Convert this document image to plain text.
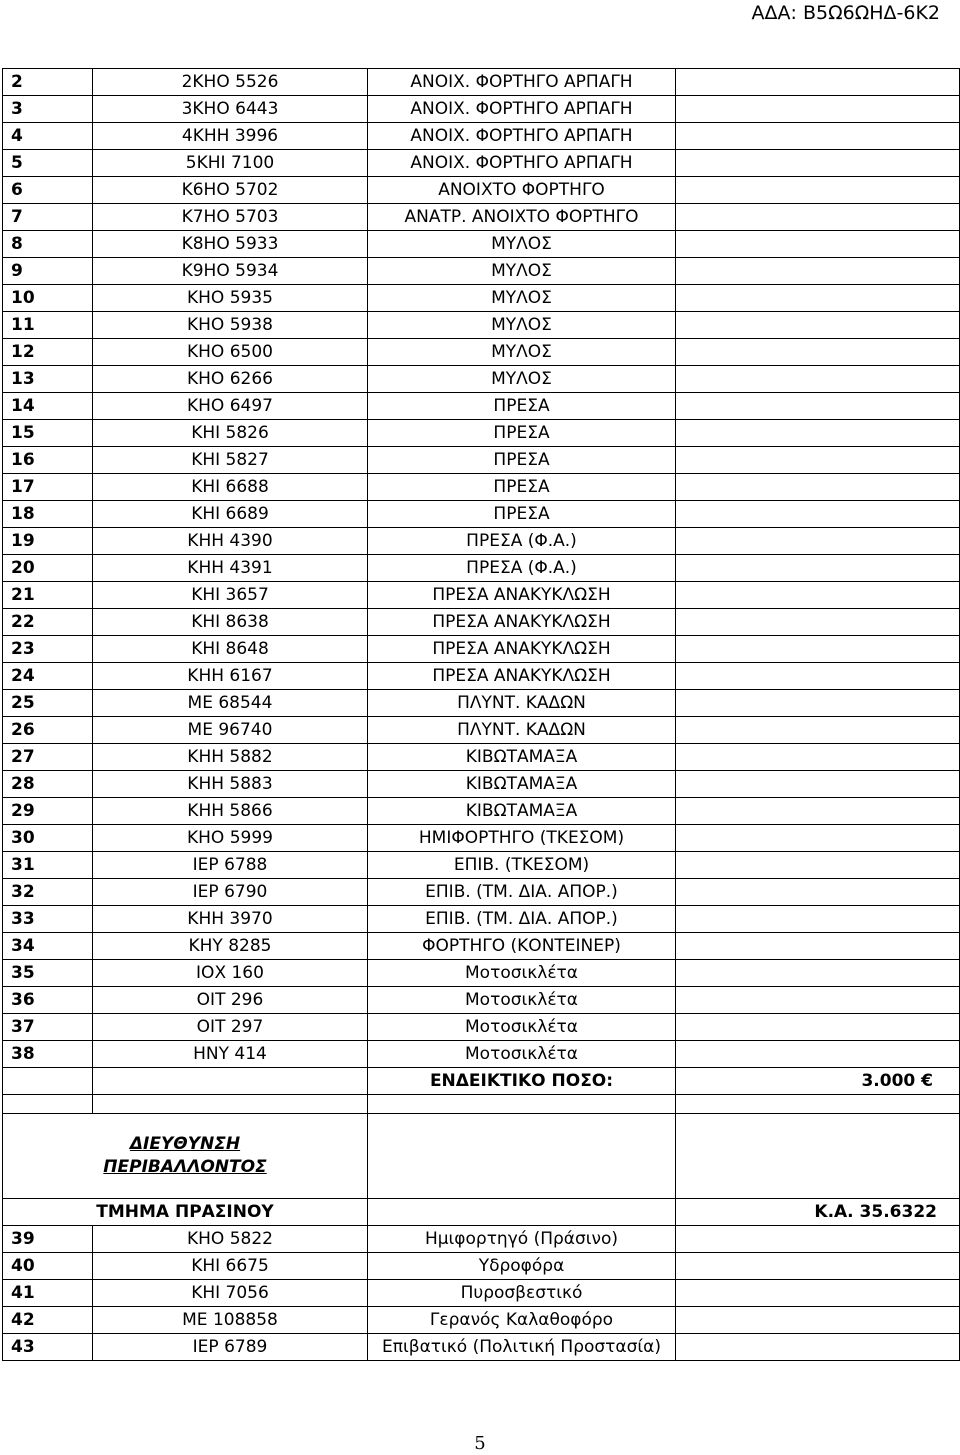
ΑΔΑ: Β5Ω6ΩΗΔ-6Κ2
2	2ΚΗΟ 5526	ΑΝΟΙΧ. ΦΟΡΤΗΓΟ ΑΡΠΑΓΗ	
3	3ΚΗΟ 6443	ΑΝΟΙΧ. ΦΟΡΤΗΓΟ ΑΡΠΑΓΗ	
4	4ΚΗΗ 3996	ΑΝΟΙΧ. ΦΟΡΤΗΓΟ ΑΡΠΑΓΗ	
5	5ΚΗΙ 7100	ΑΝΟΙΧ. ΦΟΡΤΗΓΟ ΑΡΠΑΓΗ	
6	Κ6ΗΟ 5702	ΑΝΟΙΧΤΟ ΦΟΡΤΗΓΟ	
7	Κ7ΗΟ 5703	ΑΝΑΤΡ. ΑΝΟΙΧΤΟ ΦΟΡΤΗΓΟ	
8	Κ8ΗΟ 5933	ΜΥΛΟΣ	
9	Κ9ΗΟ 5934	ΜΥΛΟΣ	
10	ΚΗΟ 5935	ΜΥΛΟΣ	
11	ΚΗΟ 5938	ΜΥΛΟΣ	
12	ΚΗΟ 6500	ΜΥΛΟΣ	
13	ΚΗΟ 6266	ΜΥΛΟΣ	
14	ΚΗΟ 6497	ΠΡΕΣΑ	
15	ΚΗΙ 5826	ΠΡΕΣΑ	
16	ΚΗΙ 5827	ΠΡΕΣΑ	
17	ΚΗΙ 6688	ΠΡΕΣΑ	
18	ΚΗΙ 6689	ΠΡΕΣΑ	
19	ΚΗΗ 4390	ΠΡΕΣΑ (Φ.Α.)	
20	ΚΗΗ 4391	ΠΡΕΣΑ (Φ.Α.)	
21	ΚΗΙ 3657	ΠΡΕΣΑ ΑΝΑΚΥΚΛΩΣΗ	
22	ΚΗΙ 8638	ΠΡΕΣΑ ΑΝΑΚΥΚΛΩΣΗ	
23	ΚΗΙ 8648	ΠΡΕΣΑ ΑΝΑΚΥΚΛΩΣΗ	
24	ΚΗΗ 6167	ΠΡΕΣΑ ΑΝΑΚΥΚΛΩΣΗ	
25	ΜΕ 68544	ΠΛΥΝΤ. ΚΑΔΩΝ	
26	ΜΕ 96740	ΠΛΥΝΤ. ΚΑΔΩΝ	
27	ΚΗΗ 5882	ΚΙΒΩΤΑΜΑΞΑ	
28	ΚΗΗ 5883	ΚΙΒΩΤΑΜΑΞΑ	
29	ΚΗΗ 5866	ΚΙΒΩΤΑΜΑΞΑ	
30	ΚΗΟ 5999	ΗΜΙΦΟΡΤΗΓΟ (ΤΚΕΣΟΜ)	
31	ΙΕΡ 6788	ΕΠΙΒ. (ΤΚΕΣΟΜ)	
32	ΙΕΡ 6790	ΕΠΙΒ. (ΤΜ. ΔΙΑ. ΑΠΟΡ.)	
33	ΚΗΗ 3970	ΕΠΙΒ. (ΤΜ. ΔΙΑ. ΑΠΟΡ.)	
34	ΚΗΥ 8285	ΦΟΡΤΗΓΟ (ΚΟΝΤΕΙΝΕΡ)	
35	ΙΟΧ 160	Μοτοσικλέτα	
36	ΟΙΤ 296	Μοτοσικλέτα	
37	ΟΙΤ 297	Μοτοσικλέτα	
38	ΗΝΥ 414	Μοτοσικλέτα	
		ΕΝΔΕΙΚΤΙΚΟ ΠΟΣΟ:	3.000 €

ΔΙΕΥΘΥΝΣΗ
ΠΕΡΙΒΑΛΛΟΝΤΟΣ			
ΤΜΗΜΑ ΠΡΑΣΙΝΟΥ			Κ.Α. 35.6322
39	ΚΗΟ 5822	Ημιφορτηγό (Πράσινο)	
40	ΚΗΙ 6675	Υδροφόρα	
41	ΚΗΙ 7056	Πυροσβεστικό	
42	ΜΕ 108858	Γερανός Καλαθοφόρο	
43	ΙΕΡ 6789	Επιβατικό (Πολιτική Προστασία)	
5
